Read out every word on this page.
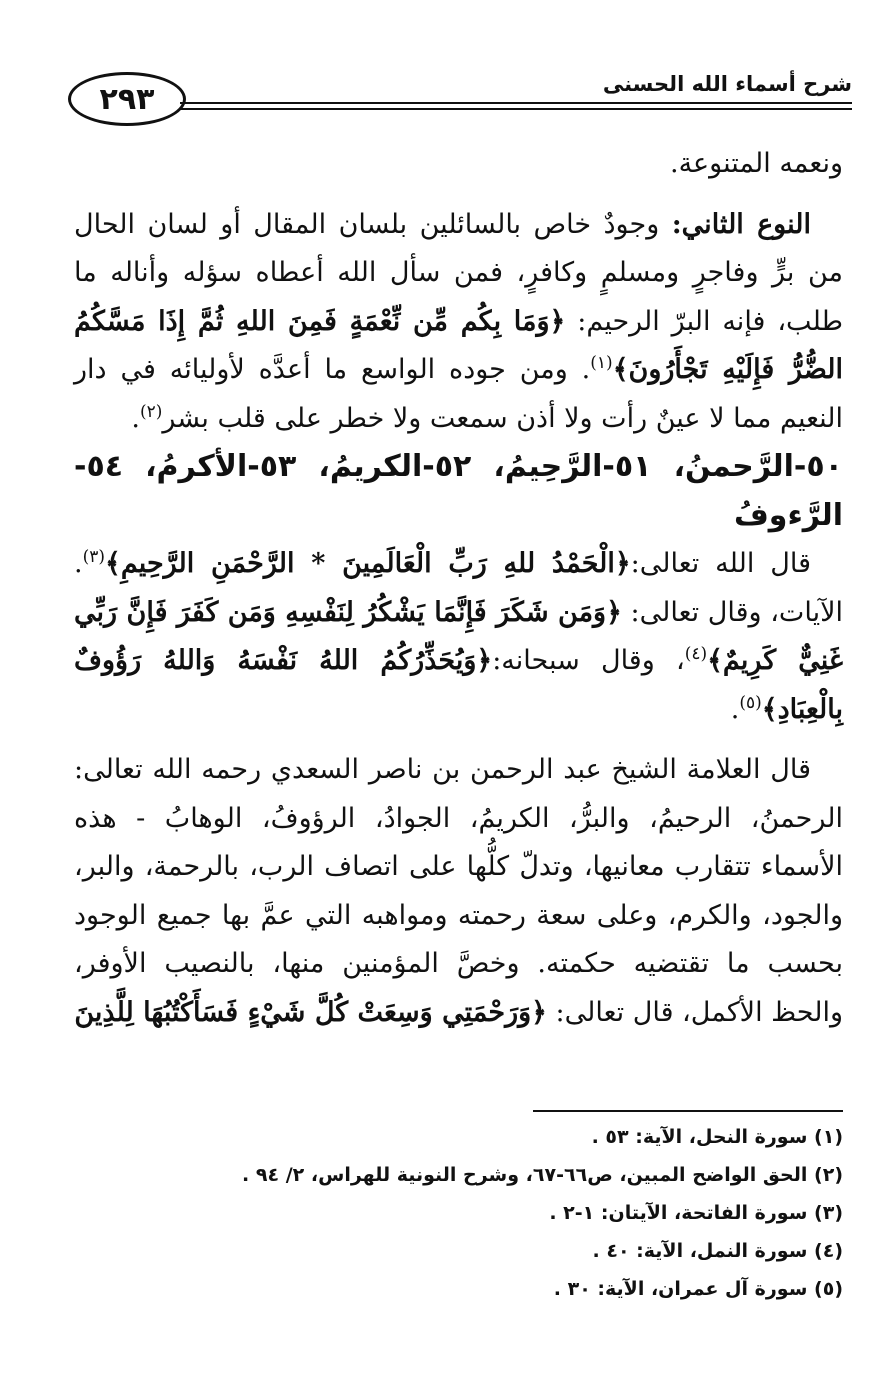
٢٩٣	شرح أسماء الله الحسنى

ونعمه المتنوعة.

النوع الثاني: وجودٌ خاص بالسائلين بلسان المقال أو لسان الحال من برٍّ وفاجرٍ ومسلمٍ وكافرٍ، فمن سأل الله أعطاه سؤله وأناله ما طلب، فإنه البرّ الرحيم: ﴿وَمَا بِكُم مِّن نِّعْمَةٍ فَمِنَ اللهِ ثُمَّ إِذَا مَسَّكُمُ الضُّرُّ فَإِلَيْهِ تَجْأَرُونَ﴾$^{(١)}$. ومن جوده الواسع ما أعدَّه لأوليائه في دار النعيم مما لا عينٌ رأت ولا أذن سمعت ولا خطر على قلب بشر$^{(٢)}$.

٥٠-الرَّحمنُ، ٥١-الرَّحِيمُ، ٥٢-الكريمُ، ٥٣-الأكرمُ، ٥٤-الرَّءوفُ

قال الله تعالى:﴿الْحَمْدُ للهِ رَبِّ الْعَالَمِينَ * الرَّحْمَنِ الرَّحِيمِ﴾$^{(٣)}$. الآيات، وقال تعالى: ﴿وَمَن شَكَرَ فَإِنَّمَا يَشْكُرُ لِنَفْسِهِ وَمَن كَفَرَ فَإِنَّ رَبِّي غَنِيٌّ كَرِيمٌ﴾$^{(٤)}$، وقال سبحانه:﴿وَيُحَذِّرُكُمُ اللهُ نَفْسَهُ وَاللهُ رَؤُوفٌ بِالْعِبَادِ﴾$^{(٥)}$.

قال العلامة الشيخ عبد الرحمن بن ناصر السعدي رحمه الله تعالى: الرحمنُ، الرحيمُ، والبرُّ، الكريمُ، الجوادُ، الرؤوفُ، الوهابُ - هذه الأسماء تتقارب معانيها، وتدلّ كلُّها على اتصاف الرب، بالرحمة، والبر، والجود، والكرم، وعلى سعة رحمته ومواهبه التي عمَّ بها جميع الوجود بحسب ما تقتضيه حكمته. وخصَّ المؤمنين منها، بالنصيب الأوفر، والحظ الأكمل، قال تعالى: ﴿وَرَحْمَتِي وَسِعَتْ كُلَّ شَيْءٍ فَسَأَكْتُبُهَا لِلَّذِينَ

(١) سورة النحل، الآية: ٥٣ .
(٢) الحق الواضح المبين، ص٦٦-٦٧، وشرح النونية للهراس، ٢/ ٩٤ .
(٣) سورة الفاتحة، الآيتان: ١-٢ .
(٤) سورة النمل، الآية: ٤٠ .
(٥) سورة آل عمران، الآية: ٣٠ .
